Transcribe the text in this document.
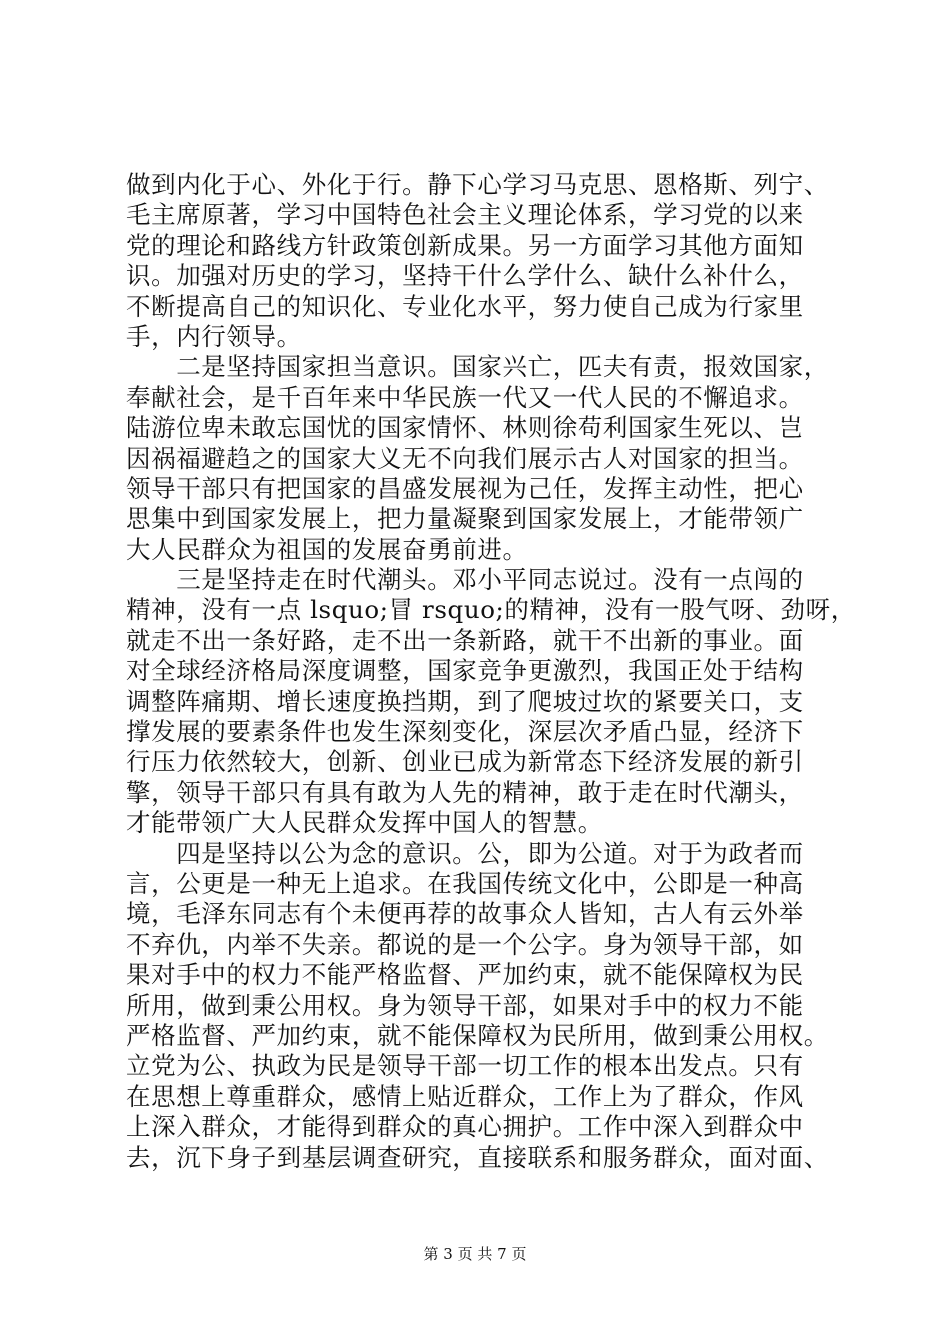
做到内化于心、外化于行。静下心学习马克思、恩格斯、列宁、
毛主席原著，学习中国特色社会主义理论体系，学习党的以来
党的理论和路线方针政策创新成果。另一方面学习其他方面知
识。加强对历史的学习，坚持干什么学什么、缺什么补什么，
不断提高自己的知识化、专业化水平，努力使自己成为行家里
手，内行领导。
　　二是坚持国家担当意识。国家兴亡，匹夫有责，报效国家，
奉献社会，是千百年来中华民族一代又一代人民的不懈追求。
陆游位卑未敢忘国忧的国家情怀、林则徐苟利国家生死以、岂
因祸福避趋之的国家大义无不向我们展示古人对国家的担当。
领导干部只有把国家的昌盛发展视为己任，发挥主动性，把心
思集中到国家发展上，把力量凝聚到国家发展上，才能带领广
大人民群众为祖国的发展奋勇前进。
　　三是坚持走在时代潮头。邓小平同志说过。没有一点闯的
精神，没有一点 lsquo;冒 rsquo;的精神，没有一股气呀、劲呀，
就走不出一条好路，走不出一条新路，就干不出新的事业。面
对全球经济格局深度调整，国家竞争更激烈，我国正处于结构
调整阵痛期、增长速度换挡期，到了爬坡过坎的紧要关口，支
撑发展的要素条件也发生深刻变化，深层次矛盾凸显，经济下
行压力依然较大，创新、创业已成为新常态下经济发展的新引
擎，领导干部只有具有敢为人先的精神，敢于走在时代潮头，
才能带领广大人民群众发挥中国人的智慧。
　　四是坚持以公为念的意识。公，即为公道。对于为政者而
言，公更是一种无上追求。在我国传统文化中，公即是一种高
境，毛泽东同志有个未便再荐的故事众人皆知，古人有云外举
不弃仇，内举不失亲。都说的是一个公字。身为领导干部，如
果对手中的权力不能严格监督、严加约束，就不能保障权为民
所用，做到秉公用权。身为领导干部，如果对手中的权力不能
严格监督、严加约束，就不能保障权为民所用，做到秉公用权。
立党为公、执政为民是领导干部一切工作的根本出发点。只有
在思想上尊重群众，感情上贴近群众，工作上为了群众，作风
上深入群众，才能得到群众的真心拥护。工作中深入到群众中
去，沉下身子到基层调查研究，直接联系和服务群众，面对面、
第 3 页 共 7 页
